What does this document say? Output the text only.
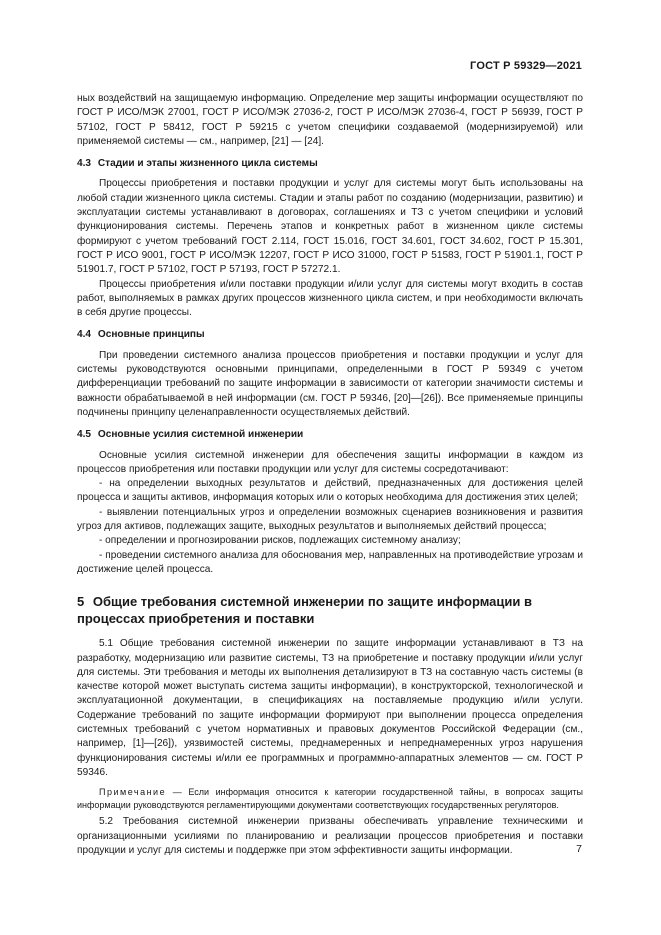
ГОСТ Р 59329—2021

ных воздействий на защищаемую информацию. Определение мер защиты информации осуществляют по ГОСТ Р ИСО/МЭК 27001, ГОСТ Р ИСО/МЭК 27036-2, ГОСТ Р ИСО/МЭК 27036-4, ГОСТ Р 56939, ГОСТ Р 57102, ГОСТ Р 58412, ГОСТ Р 59215 с учетом специфики создаваемой (модернизируемой) или применяемой системы — см., например, [21] — [24].

4.3 Стадии и этапы жизненного цикла системы

Процессы приобретения и поставки продукции и услуг для системы могут быть использованы на любой стадии жизненного цикла системы. Стадии и этапы работ по созданию (модернизации, развитию) и эксплуатации системы устанавливают в договорах, соглашениях и ТЗ с учетом специфики и условий функционирования системы. Перечень этапов и конкретных работ в жизненном цикле системы формируют с учетом требований ГОСТ 2.114, ГОСТ 15.016, ГОСТ 34.601, ГОСТ 34.602, ГОСТ Р 15.301, ГОСТ Р ИСО 9001, ГОСТ Р ИСО/МЭК 12207, ГОСТ Р ИСО 31000, ГОСТ Р 51583, ГОСТ Р 51901.1, ГОСТ Р 51901.7, ГОСТ Р 57102, ГОСТ Р 57193, ГОСТ Р 57272.1.

Процессы приобретения и/или поставки продукции и/или услуг для системы могут входить в состав работ, выполняемых в рамках других процессов жизненного цикла систем, и при необходимости включать в себя другие процессы.

4.4 Основные принципы

При проведении системного анализа процессов приобретения и поставки продукции и услуг для системы руководствуются основными принципами, определенными в ГОСТ Р 59349 с учетом дифференциации требований по защите информации в зависимости от категории значимости системы и важности обрабатываемой в ней информации (см. ГОСТ Р 59346, [20]—[26]). Все применяемые принципы подчинены принципу целенаправленности осуществляемых действий.

4.5 Основные усилия системной инженерии

Основные усилия системной инженерии для обеспечения защиты информации в каждом из процессов приобретения или поставки продукции или услуг для системы сосредотачивают:

- на определении выходных результатов и действий, предназначенных для достижения целей процесса и защиты активов, информация которых или о которых необходима для достижения этих целей;

- выявлении потенциальных угроз и определении возможных сценариев возникновения и развития угроз для активов, подлежащих защите, выходных результатов и выполняемых действий процесса;

- определении и прогнозировании рисков, подлежащих системному анализу;

- проведении системного анализа для обоснования мер, направленных на противодействие угрозам и достижение целей процесса.

5 Общие требования системной инженерии по защите информации в процессах приобретения и поставки

5.1 Общие требования системной инженерии по защите информации устанавливают в ТЗ на разработку, модернизацию или развитие системы, ТЗ на приобретение и поставку продукции и/или услуг для системы. Эти требования и методы их выполнения детализируют в ТЗ на составную часть системы (в качестве которой может выступать система защиты информации), в конструкторской, технологической и эксплуатационной документации, в спецификациях на поставляемые продукцию и/или услуги. Содержание требований по защите информации формируют при выполнении процесса определения системных требований с учетом нормативных и правовых документов Российской Федерации (см., например, [1]—[26]), уязвимостей системы, преднамеренных и непреднамеренных угроз нарушения функционирования системы и/или ее программных и программно-аппаратных элементов — см. ГОСТ Р 59346.

Примечание — Если информация относится к категории государственной тайны, в вопросах защиты информации руководствуются регламентирующими документами соответствующих государственных регуляторов.

5.2 Требования системной инженерии призваны обеспечивать управление техническими и организационными усилиями по планированию и реализации процессов приобретения и поставки продукции и услуг для системы и поддержке при этом эффективности защиты информации.	7
